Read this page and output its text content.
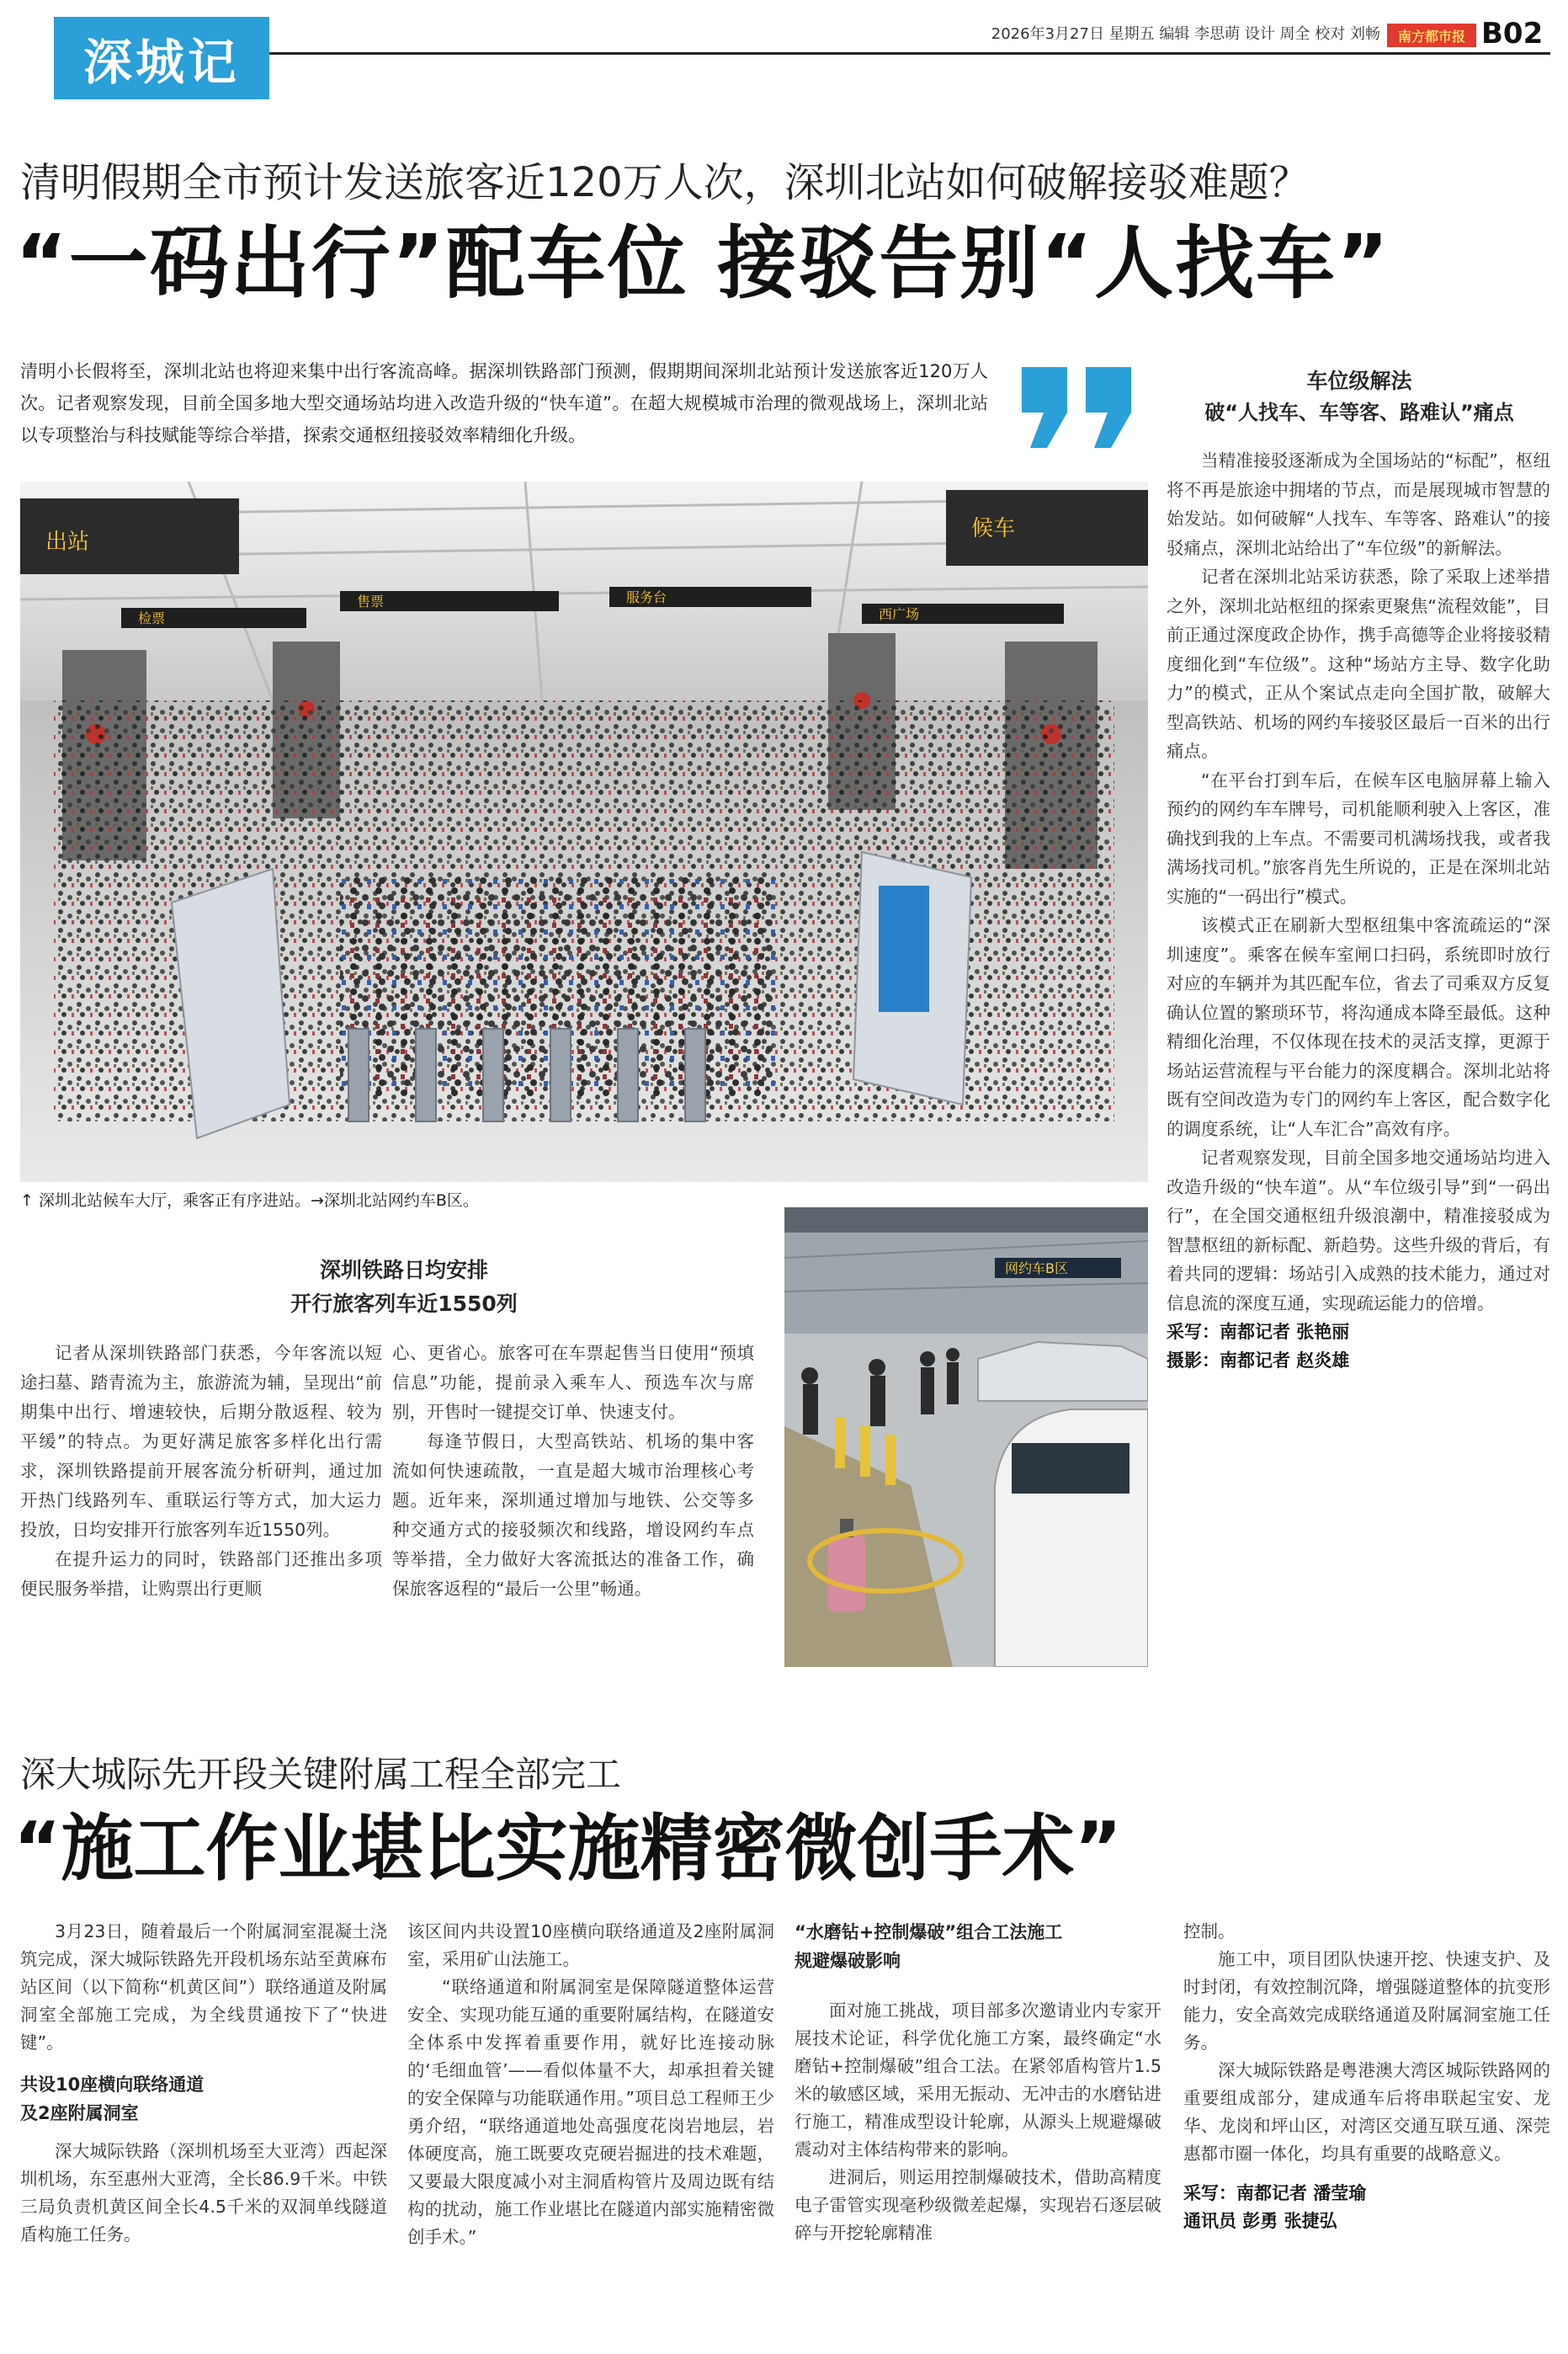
深城记	2026年3月27日 星期五 编辑 李思萌 设计 周全 校对 刘畅	南方都市报 B02
清明假期全市预计发送旅客近120万人次，深圳北站如何破解接驳难题？
“一码出行”配车位 接驳告别“人找车”
清明小长假将至，深圳北站也将迎来集中出行客流高峰。据深圳铁路部门预测，假期期间深圳北站预计发送旅客近120万人次。记者观察发现，目前全国多地大型交通场站均进入改造升级的“快车道”。在超大规模城市治理的微观战场上，深圳北站以专项整治与科技赋能等综合举措，探索交通枢纽接驳效率精细化升级。
出站
候车
检票
售票	服务台
西广场
↑ 深圳北站候车大厅，乘客正有序进站。→深圳北站网约车B区。
深圳铁路日均安排
开行旅客列车近1550列

记者从深圳铁路部门获悉，今年客流以短途扫墓、踏青流为主，旅游流为辅，呈现出“前期集中出行、增速较快，后期分散返程、较为平缓”的特点。为更好满足旅客多样化出行需求，深圳铁路提前开展客流分析研判，通过加开热门线路列车、重联运行等方式，加大运力投放，日均安排开行旅客列车近1550列。

在提升运力的同时，铁路部门还推出多项便民服务举措，让购票出行更顺

心、更省心。旅客可在车票起售当日使用“预填信息”功能，提前录入乘车人、预选车次与席别，开售时一键提交订单、快速支付。

每逢节假日，大型高铁站、机场的集中客流如何快速疏散，一直是超大城市治理核心考题。近年来，深圳通过增加与地铁、公交等多种交通方式的接驳频次和线路，增设网约车点等举措，全力做好大客流抵达的准备工作，确保旅客返程的“最后一公里”畅通。

网约车B区
车位级解法
破“人找车、车等客、路难认”痛点

当精准接驳逐渐成为全国场站的“标配”，枢纽将不再是旅途中拥堵的节点，而是展现城市智慧的始发站。如何破解“人找车、车等客、路难认”的接驳痛点，深圳北站给出了“车位级”的新解法。

记者在深圳北站采访获悉，除了采取上述举措之外，深圳北站枢纽的探索更聚焦“流程效能”，目前正通过深度政企协作，携手高德等企业将接驳精度细化到“车位级”。这种“场站方主导、数字化助力”的模式，正从个案试点走向全国扩散，破解大型高铁站、机场的网约车接驳区最后一百米的出行痛点。

“在平台打到车后，在候车区电脑屏幕上输入预约的网约车车牌号，司机能顺利驶入上客区，准确找到我的上车点。不需要司机满场找我，或者我满场找司机。”旅客肖先生所说的，正是在深圳北站实施的“一码出行”模式。

该模式正在刷新大型枢纽集中客流疏运的“深圳速度”。乘客在候车室闸口扫码，系统即时放行对应的车辆并为其匹配车位，省去了司乘双方反复确认位置的繁琐环节，将沟通成本降至最低。这种精细化治理，不仅体现在技术的灵活支撑，更源于场站运营流程与平台能力的深度耦合。深圳北站将既有空间改造为专门的网约车上客区，配合数字化的调度系统，让“人车汇合”高效有序。

记者观察发现，目前全国多地交通场站均进入改造升级的“快车道”。从“车位级引导”到“一码出行”，在全国交通枢纽升级浪潮中，精准接驳成为智慧枢纽的新标配、新趋势。这些升级的背后，有着共同的逻辑：场站引入成熟的技术能力，通过对信息流的深度互通，实现疏运能力的倍增。

采写：南都记者 张艳丽
摄影：南都记者 赵炎雄
深大城际先开段关键附属工程全部完工
“施工作业堪比实施精密微创手术”

3月23日，随着最后一个附属洞室混凝土浇筑完成，深大城际铁路先开段机场东站至黄麻布站区间（以下简称“机黄区间”）联络通道及附属洞室全部施工完成，为全线贯通按下了“快进键”。

共设10座横向联络通道
及2座附属洞室

深大城际铁路（深圳机场至大亚湾）西起深圳机场，东至惠州大亚湾，全长86.9千米。中铁三局负责机黄区间全长4.5千米的双洞单线隧道盾构施工任务。

该区间内共设置10座横向联络通道及2座附属洞室，采用矿山法施工。

“联络通道和附属洞室是保障隧道整体运营安全、实现功能互通的重要附属结构，在隧道安全体系中发挥着重要作用，就好比连接动脉的‘毛细血管’——看似体量不大，却承担着关键的安全保障与功能联通作用。”项目总工程师王少勇介绍，“联络通道地处高强度花岗岩地层，岩体硬度高，施工既要攻克硬岩掘进的技术难题，又要最大限度减小对主洞盾构管片及周边既有结构的扰动，施工作业堪比在隧道内部实施精密微创手术。”

“水磨钻+控制爆破”组合工法施工
规避爆破影响

面对施工挑战，项目部多次邀请业内专家开展技术论证，科学优化施工方案，最终确定“水磨钻+控制爆破”组合工法。在紧邻盾构管片1.5米的敏感区域，采用无振动、无冲击的水磨钻进行施工，精准成型设计轮廓，从源头上规避爆破震动对主体结构带来的影响。

进洞后，则运用控制爆破技术，借助高精度电子雷管实现毫秒级微差起爆，实现岩石逐层破碎与开挖轮廓精准

控制。

施工中，项目团队快速开挖、快速支护、及时封闭，有效控制沉降，增强隧道整体的抗变形能力，安全高效完成联络通道及附属洞室施工任务。

深大城际铁路是粤港澳大湾区城际铁路网的重要组成部分，建成通车后将串联起宝安、龙华、龙岗和坪山区，对湾区交通互联互通、深莞惠都市圈一体化，均具有重要的战略意义。

采写：南都记者 潘莹瑜
通讯员 彭勇 张捷弘
